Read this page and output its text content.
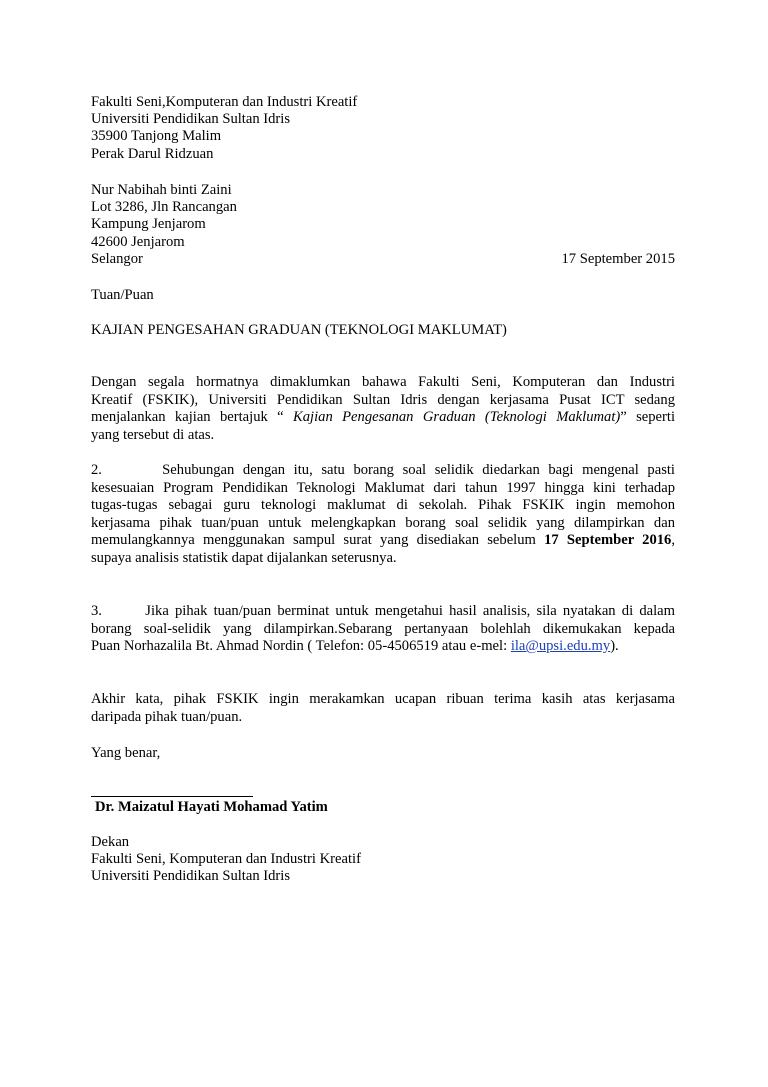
Fakulti Seni,Komputeran dan Industri Kreatif
Universiti Pendidikan Sultan Idris
35900 Tanjong Malim
Perak Darul Ridzuan
Nur Nabihah binti Zaini
Lot 3286, Jln Rancangan
Kampung Jenjarom
42600 Jenjarom
Selangor	17 September 2015
Tuan/Puan
KAJIAN PENGESAHAN GRADUAN (TEKNOLOGI MAKLUMAT)
Dengan segala hormatnya dimaklumkan bahawa Fakulti Seni, Komputeran dan Industri
Kreatif (FSKIK), Universiti Pendidikan Sultan Idris dengan kerjasama Pusat ICT sedang
menjalankan kajian bertajuk “ Kajian Pengesanan Graduan (Teknologi Maklumat)” seperti
yang tersebut di atas.
2.       Sehubungan dengan itu, satu borang soal selidik diedarkan bagi mengenal pasti
kesesuaian Program Pendidikan Teknologi Maklumat dari tahun 1997 hingga kini terhadap
tugas-tugas sebagai guru teknologi maklumat di sekolah. Pihak FSKIK ingin memohon
kerjasama pihak tuan/puan untuk melengkapkan borang soal selidik yang dilampirkan dan
memulangkannya menggunakan sampul surat yang disediakan sebelum 17 September 2016,
supaya analisis statistik dapat dijalankan seterusnya.
3.       Jika pihak tuan/puan berminat untuk mengetahui hasil analisis, sila nyatakan di dalam
borang soal-selidik yang dilampirkan.Sebarang pertanyaan bolehlah dikemukakan kepada
Puan Norhazalila Bt. Ahmad Nordin ( Telefon: 05-4506519 atau e-mel: ila@upsi.edu.my).
Akhir kata, pihak FSKIK ingin merakamkan ucapan ribuan terima kasih atas kerjasama
daripada pihak tuan/puan.
Yang benar,
Dr. Maizatul Hayati Mohamad Yatim
Dekan
Fakulti Seni, Komputeran dan Industri Kreatif
Universiti Pendidikan Sultan Idris
